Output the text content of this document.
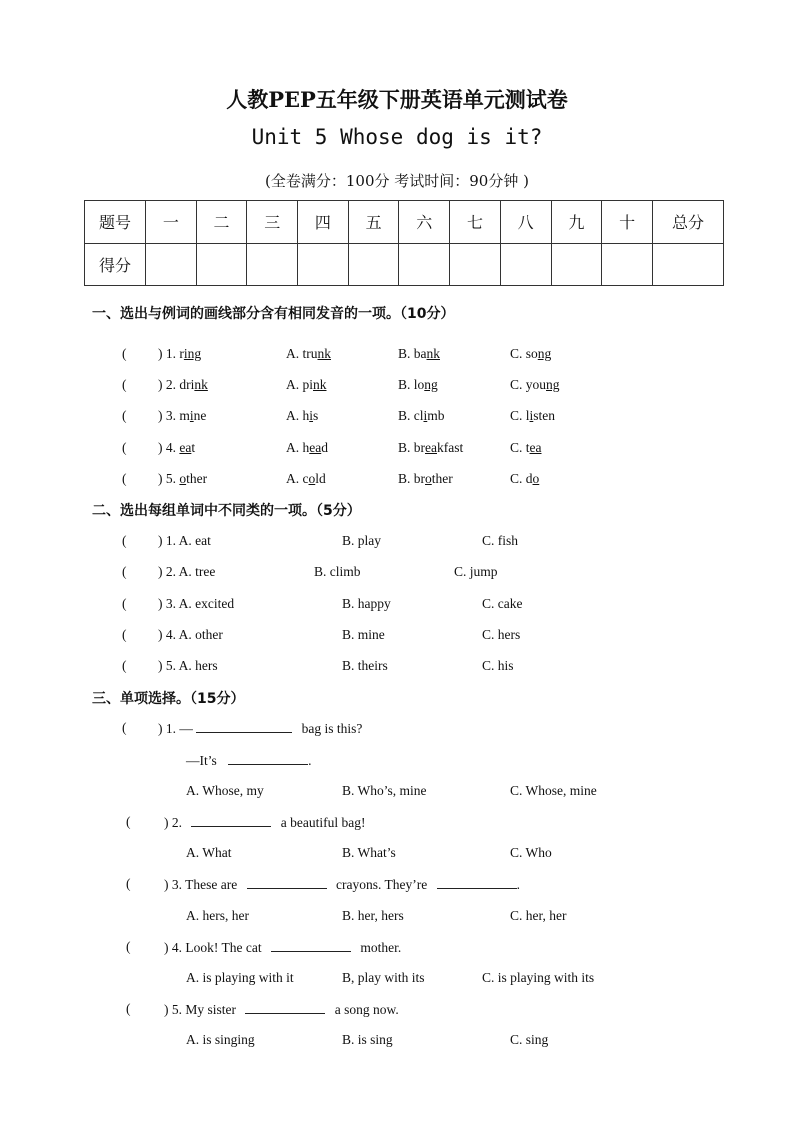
人教PEP五年级下册英语单元测试卷
Unit 5 Whose dog is it?
(全卷满分：100分 考试时间：90分钟 )
题号	一	二	三	四	五	六	七	八	九	十	总分
得分											
一、选出与例词的画线部分含有相同发音的一项。（10分）
( ) 1. ring	A. trunk	B. bank	C. song
( ) 2. drink	A. pink	B. long	C. young
( ) 3. mine	A. his	B. climb	C. listen
( ) 4. eat	A. head	B. breakfast	C. tea
( ) 5. other	A. cold	B. brother	C. do
二、选出每组单词中不同类的一项。（5分）
( ) 1. A. eat	B. play	C. fish
( ) 2. A. tree	B. climb	C. jump
( ) 3. A. excited	B. happy	C. cake
( ) 4. A. other	B. mine	C. hers
( ) 5. A. hers	B. theirs	C. his
三、单项选择。（15分）
( ) 1. —	bag is this?
—It’s	.
A. Whose, my	B. Who’s, mine	C. Whose, mine
( ) 2.	a beautiful bag!
A. What	B. What’s	C. Who
( ) 3. These are	crayons. They’re	.
A. hers, her	B. her, hers	C. her, her
( ) 4. Look! The cat	mother.
A. is playing with it	B, play with its	C. is playing with its
( ) 5. My sister	a song now.
A. is singing	B. is sing	C. sing
